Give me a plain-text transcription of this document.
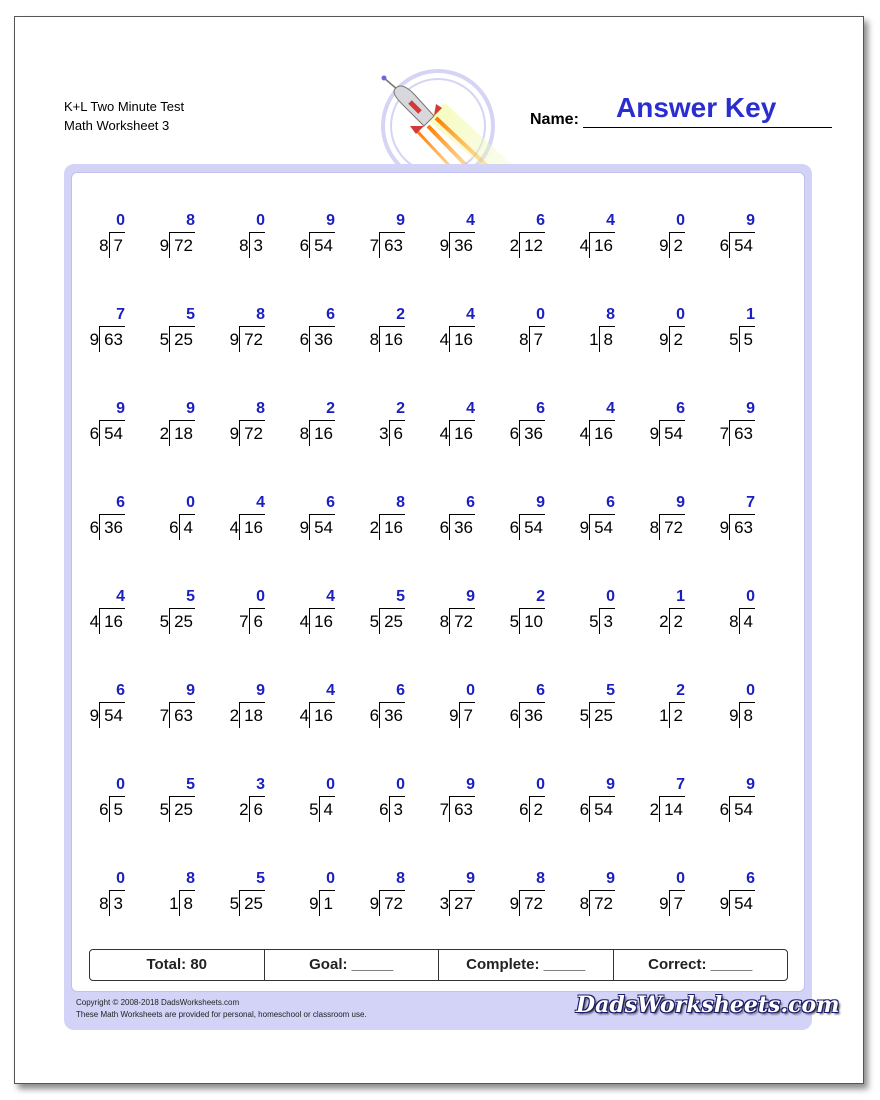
K+L Two Minute Test
Math Worksheet 3	Name: Answer Key
0
8 7
8
9 72
0
8 3
9
6 54
9
7 63
4
9 36
6
2 12
4
4 16
0
9 2
9
6 54
7
9 63
5
5 25
8
9 72
6
6 36
2
8 16
4
4 16
0
8 7
8
1 8
0
9 2
1
5 5
9
6 54
9
2 18
8
9 72
2
8 16
2
3 6
4
4 16
6
6 36
4
4 16
6
9 54
9
7 63
6
6 36
0
6 4
4
4 16
6
9 54
8
2 16
6
6 36
9
6 54
6
9 54
9
8 72
7
9 63
4
4 16
5
5 25
0
7 6
4
4 16
5
5 25
9
8 72
2
5 10
0
5 3
1
2 2
0
8 4
6
9 54
9
7 63
9
2 18
4
4 16
6
6 36
0
9 7
6
6 36
5
5 25
2
1 2
0
9 8
0
6 5
5
5 25
3
2 6
0
5 4
0
6 3
9
7 63
0
6 2
9
6 54
7
2 14
9
6 54
0
8 3
8
1 8
5
5 25
0
9 1
8
9 72
9
3 27
8
9 72
9
8 72
0
9 7
6
9 54
Total: 80	Goal: _____	Complete: _____	Correct: _____
Copyright © 2008-2018 DadsWorksheets.com
These Math Worksheets are provided for personal, homeschool or classroom use.	DadsWorksheets.com
